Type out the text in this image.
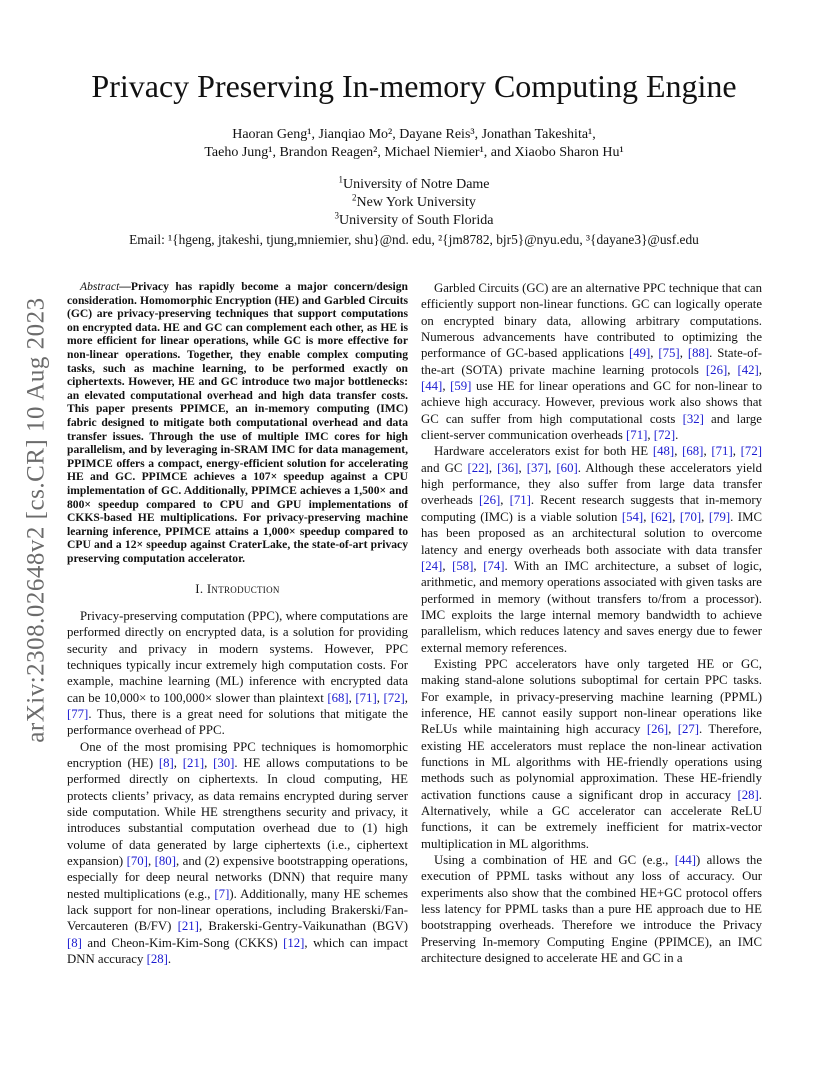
arXiv:2308.02648v2 [cs.CR] 10 Aug 2023
Privacy Preserving In-memory Computing Engine
Haoran Geng¹, Jianqiao Mo², Dayane Reis³, Jonathan Takeshita¹,
Taeho Jung¹, Brandon Reagen², Michael Niemier¹, and Xiaobo Sharon Hu¹
$^1$University of Notre Dame
$^2$New York University
$^3$University of South Florida
Email: ¹{hgeng, jtakeshi, tjung,mniemier, shu}@nd. edu, ²{jm8782, bjr5}@nyu.edu, ³{dayane3}@usf.edu

Abstract—Privacy has rapidly become a major concern/design consideration. Homomorphic Encryption (HE) and Garbled Circuits (GC) are privacy-preserving techniques that support computations on encrypted data. HE and GC can complement each other, as HE is more efficient for linear operations, while GC is more effective for non-linear operations. Together, they enable complex computing tasks, such as machine learning, to be performed exactly on ciphertexts. However, HE and GC introduce two major bottlenecks: an elevated computational overhead and high data transfer costs. This paper presents PPIMCE, an in-memory computing (IMC) fabric designed to mitigate both computational overhead and data transfer issues. Through the use of multiple IMC cores for high parallelism, and by leveraging in-SRAM IMC for data management, PPIMCE offers a compact, energy-efficient solution for accelerating HE and GC. PPIMCE achieves a 107× speedup against a CPU implementation of GC. Additionally, PPIMCE achieves a 1,500× and 800× speedup compared to CPU and GPU implementations of CKKS-based HE multiplications. For privacy-preserving machine learning inference, PPIMCE attains a 1,000× speedup compared to CPU and a 12× speedup against CraterLake, the state-of-art privacy preserving computation accelerator.

I. Introduction

Privacy-preserving computation (PPC), where computations are performed directly on encrypted data, is a solution for providing security and privacy in modern systems. However, PPC techniques typically incur extremely high computation costs. For example, machine learning (ML) inference with encrypted data can be 10,000× to 100,000× slower than plaintext [68], [71], [72], [77]. Thus, there is a great need for solutions that mitigate the performance overhead of PPC.

One of the most promising PPC techniques is homomorphic encryption (HE) [8], [21], [30]. HE allows computations to be performed directly on ciphertexts. In cloud computing, HE protects clients’ privacy, as data remains encrypted during server side computation. While HE strengthens security and privacy, it introduces substantial computation overhead due to (1) high volume of data generated by large ciphertexts (i.e., ciphertext expansion) [70], [80], and (2) expensive bootstrapping operations, especially for deep neural networks (DNN) that require many nested multiplications (e.g., [7]). Additionally, many HE schemes lack support for non-linear operations, including Brakerski/Fan-Vercauteren (B/FV) [21], Brakerski-Gentry-Vaikunathan (BGV) [8] and Cheon-Kim-Kim-Song (CKKS) [12], which can impact DNN accuracy [28].

Garbled Circuits (GC) are an alternative PPC technique that can efficiently support non-linear functions. GC can logically operate on encrypted binary data, allowing arbitrary computations. Numerous advancements have contributed to optimizing the performance of GC-based applications [49], [75], [88]. State-of-the-art (SOTA) private machine learning protocols [26], [42], [44], [59] use HE for linear operations and GC for non-linear to achieve high accuracy. However, previous work also shows that GC can suffer from high computational costs [32] and large client-server communication overheads [71], [72].

Hardware accelerators exist for both HE [48], [68], [71], [72] and GC [22], [36], [37], [60]. Although these accelerators yield high performance, they also suffer from large data transfer overheads [26], [71]. Recent research suggests that in-memory computing (IMC) is a viable solution [54], [62], [70], [79]. IMC has been proposed as an architectural solution to overcome latency and energy overheads both associate with data transfer [24], [58], [74]. With an IMC architecture, a subset of logic, arithmetic, and memory operations associated with given tasks are performed in memory (without transfers to/from a processor). IMC exploits the large internal memory bandwidth to achieve parallelism, which reduces latency and saves energy due to fewer external memory references.

Existing PPC accelerators have only targeted HE or GC, making stand-alone solutions suboptimal for certain PPC tasks. For example, in privacy-preserving machine learning (PPML) inference, HE cannot easily support non-linear operations like ReLUs while maintaining high accuracy [26], [27]. Therefore, existing HE accelerators must replace the non-linear activation functions in ML algorithms with HE-friendly operations using methods such as polynomial approximation. These HE-friendly activation functions cause a significant drop in accuracy [28]. Alternatively, while a GC accelerator can accelerate ReLU functions, it can be extremely inefficient for matrix-vector multiplication in ML algorithms.

Using a combination of HE and GC (e.g., [44]) allows the execution of PPML tasks without any loss of accuracy. Our experiments also show that the combined HE+GC protocol offers less latency for PPML tasks than a pure HE approach due to HE bootstrapping overheads. Therefore we introduce the Privacy Preserving In-memory Computing Engine (PPIMCE), an IMC architecture designed to accelerate HE and GC in a
